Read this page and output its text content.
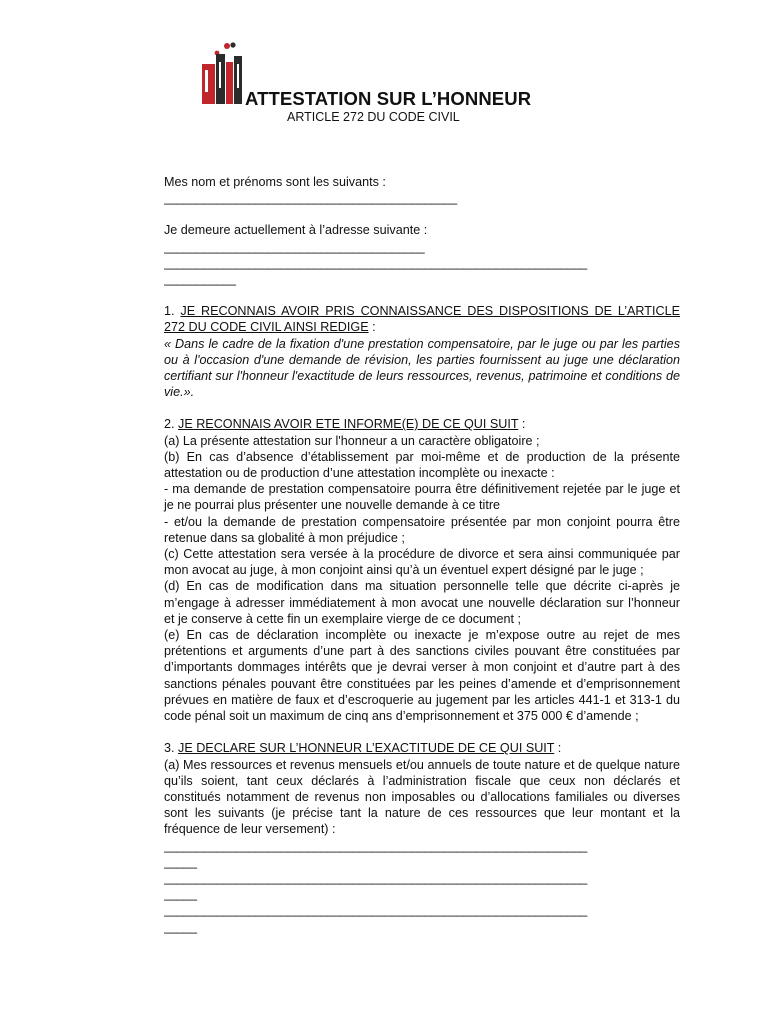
ATTESTATION SUR L’HONNEUR
ARTICLE 272 DU CODE CIVIL
Mes nom et prénoms sont les suivants :
_____________________________________________
Je demeure actuellement à l’adresse suivante :
________________________________________
_________________________________________________________________
___________
1. JE RECONNAIS AVOIR PRIS CONNAISSANCE DES DISPOSITIONS DE L’ARTICLE 272 DU CODE CIVIL AINSI REDIGE :
« Dans le cadre de la fixation d'une prestation compensatoire, par le juge ou par les parties ou à l'occasion d'une demande de révision, les parties fournissent au juge une déclaration certifiant sur l'honneur l'exactitude de leurs ressources, revenus, patrimoine et conditions de vie.».
2. JE RECONNAIS AVOIR ETE INFORME(E) DE CE QUI SUIT :
(a) La présente attestation sur l'honneur a un caractère obligatoire ;
(b) En cas d’absence d’établissement par moi-même et de production de la présente attestation ou de production d’une attestation incomplète ou inexacte :
- ma demande de prestation compensatoire pourra être définitivement rejetée par le juge et je ne pourrai plus présenter une nouvelle demande à ce titre
- et/ou la demande de prestation compensatoire présentée par mon conjoint pourra être retenue dans sa globalité à mon préjudice ;
(c) Cette attestation sera versée à la procédure de divorce et sera ainsi communiquée par mon avocat au juge, à mon conjoint ainsi qu’à un éventuel expert désigné par le juge ;
(d) En cas de modification dans ma situation personnelle telle que décrite ci-après je m’engage à adresser immédiatement à mon avocat une nouvelle déclaration sur l’honneur et je conserve à cette fin un exemplaire vierge de ce document ;
(e) En cas de déclaration incomplète ou inexacte je m’expose outre au rejet de mes prétentions et arguments d’une part à des sanctions civiles pouvant être constituées par d’importants dommages intérêts que je devrai verser à mon conjoint et d’autre part à des sanctions pénales pouvant être constituées par les peines d’amende et d’emprisonnement prévues en matière de faux et d’escroquerie au jugement par les articles 441-1 et 313-1 du code pénal soit un maximum de cinq ans d’emprisonnement et 375 000 € d’amende ;
3. JE DECLARE SUR L’HONNEUR L’EXACTITUDE DE CE QUI SUIT :
(a) Mes ressources et revenus mensuels et/ou annuels de toute nature et de quelque nature qu’ils soient, tant ceux déclarés à l’administration fiscale que ceux non déclarés et constitués notamment de revenus non imposables ou d’allocations familiales ou diverses sont les suivants (je précise tant la nature de ces ressources que leur montant et la fréquence de leur versement) :
_________________________________________________________________
_____
_________________________________________________________________
_____
_________________________________________________________________
_____
